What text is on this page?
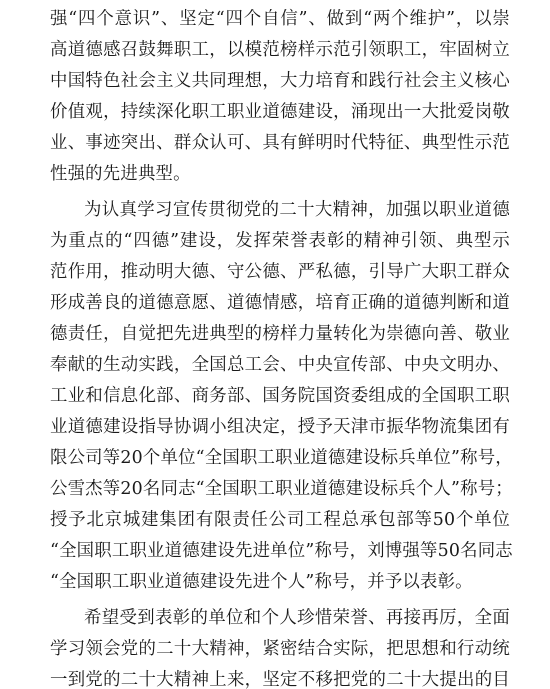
强“四个意识”、坚定“四个自信”、做到“两个维护”，以崇
高道德感召鼓舞职工，以模范榜样示范引领职工，牢固树立
中国特色社会主义共同理想，大力培育和践行社会主义核心
价值观，持续深化职工职业道德建设，涌现出一大批爱岗敬
业、事迹突出、群众认可、具有鲜明时代特征、典型性示范
性强的先进典型。
为认真学习宣传贯彻党的二十大精神，加强以职业道德
为重点的“四德”建设，发挥荣誉表彰的精神引领、典型示
范作用，推动明大德、守公德、严私德，引导广大职工群众
形成善良的道德意愿、道德情感，培育正确的道德判断和道
德责任，自觉把先进典型的榜样力量转化为崇德向善、敬业
奉献的生动实践，全国总工会、中央宣传部、中央文明办、
工业和信息化部、商务部、国务院国资委组成的全国职工职
业道德建设指导协调小组决定，授予天津市振华物流集团有
限公司等20个单位“全国职工职业道德建设标兵单位”称号，
公雪杰等20名同志“全国职工职业道德建设标兵个人”称号；
授予北京城建集团有限责任公司工程总承包部等50个单位
“全国职工职业道德建设先进单位”称号，刘博强等50名同志
“全国职工职业道德建设先进个人”称号，并予以表彰。
希望受到表彰的单位和个人珍惜荣誉、再接再厉，全面
学习领会党的二十大精神，紧密结合实际，把思想和行动统
一到党的二十大精神上来，坚定不移把党的二十大提出的目
